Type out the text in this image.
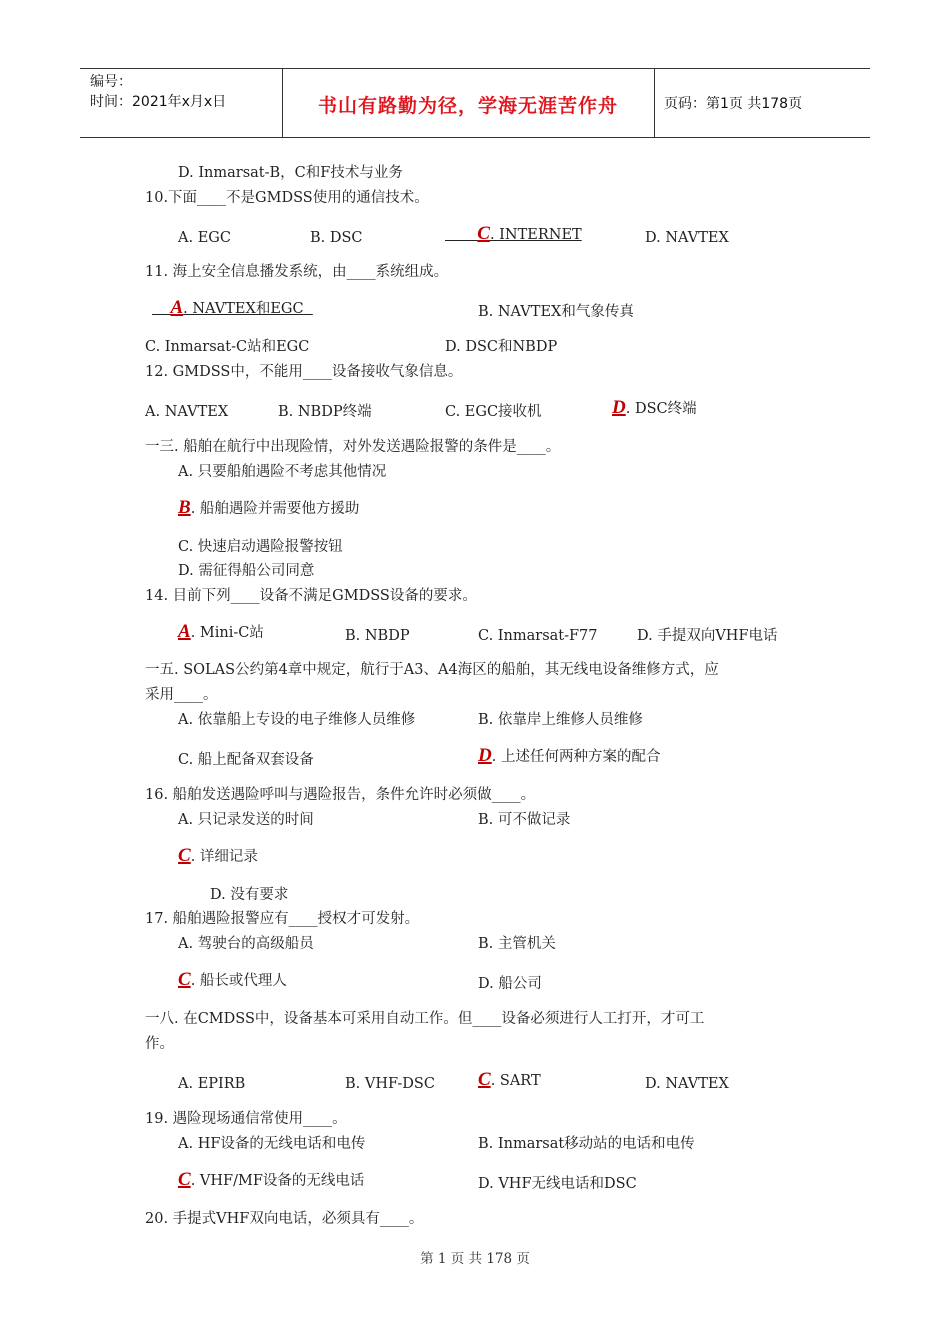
编号：
时间：2021年x月x日	书山有路勤为径，学海无涯苦作舟	页码：第1页 共178页
D. Inmarsat-B，C和F技术与业务
10.下面____不是GMDSS使用的通信技术。
A. EGC	B. DSC	C. INTERNET	D. NAVTEX
11. 海上安全信息播发系统，由____系统组成。
A. NAVTEX和EGC	B. NAVTEX和气象传真
C. Inmarsat-C站和EGC	D. DSC和NBDP
12. GMDSS中，不能用____设备接收气象信息。
A. NAVTEX	B. NBDP终端	C. EGC接收机	D. DSC终端
一三. 船舶在航行中出现险情，对外发送遇险报警的条件是____。
A. 只要船舶遇险不考虑其他情况
B. 船舶遇险并需要他方援助
C. 快速启动遇险报警按钮
D. 需征得船公司同意
14. 目前下列____设备不满足GMDSS设备的要求。
A. Mini-C站	B. NBDP	C. Inmarsat-F77	D. 手提双向VHF电话
一五. SOLAS公约第4章中规定，航行于A3、A4海区的船舶，其无线电设备维修方式，应
采用____。
A. 依靠船上专设的电子维修人员维修	B. 依靠岸上维修人员维修
C. 船上配备双套设备	D. 上述任何两种方案的配合
16. 船舶发送遇险呼叫与遇险报告，条件允许时必须做____。
A. 只记录发送的时间	B. 可不做记录
C. 详细记录
D. 没有要求
17. 船舶遇险报警应有____授权才可发射。
A. 驾驶台的高级船员	B. 主管机关
C. 船长或代理人	D. 船公司
一八. 在CMDSS中，设备基本可采用自动工作。但____设备必须进行人工打开，才可工
作。
A. EPIRB	B. VHF-DSC C. SART	D. NAVTEX
19. 遇险现场通信常使用____。
A. HF设备的无线电话和电传	B. Inmarsat移动站的电话和电传
C. VHF/MF设备的无线电话	D. VHF无线电话和DSC
20. 手提式VHF双向电话，必须具有____。
第 1 页 共 178 页
